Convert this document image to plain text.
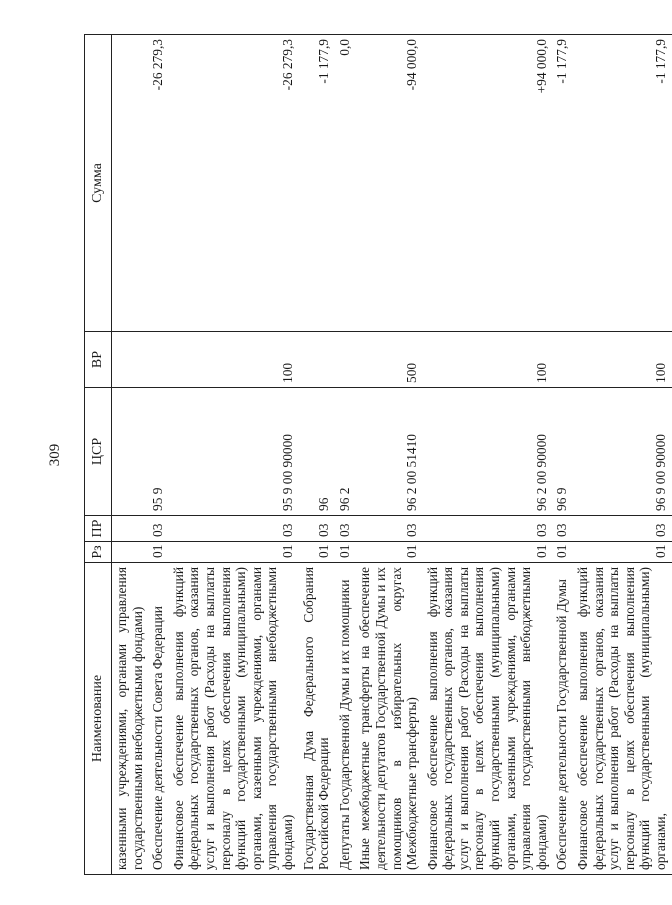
309
Наименование	Рз	ПР	ЦСР	ВР	Сумма
казенными учреждениями, органами управления государственными внебюджетными фондами)					
Обеспечение деятельности Совета Федерации	01	03	95 9		-26 279,3
Финансовое обеспечение выполнения функций федеральных государственных органов, оказания услуг и выполнения работ (Расходы на выплаты персоналу в целях обеспечения выполнения функций государственными (муниципальными) органами, казенными учреждениями, органами управления государственными внебюджетными фондами)	01	03	95 9 00 90000	100	-26 279,3
Государственная Дума Федерального Собрания Российской Федерации	01	03	96		-1 177,9
Депутаты Государственной Думы и их помощники	01	03	96 2		0,0
Иные межбюджетные трансферты на обеспечение деятельности депутатов Государственной Думы и их помощников в избирательных округах (Межбюджетные трансферты)	01	03	96 2 00 51410	500	-94 000,0
Финансовое обеспечение выполнения функций федеральных государственных органов, оказания услуг и выполнения работ (Расходы на выплаты персоналу в целях обеспечения выполнения функций государственными (муниципальными) органами, казенными учреждениями, органами управления государственными внебюджетными фондами)	01	03	96 2 00 90000	100	+94 000,0
Обеспечение деятельности Государственной Думы	01	03	96 9		-1 177,9
Финансовое обеспечение выполнения функций федеральных государственных органов, оказания услуг и выполнения работ (Расходы на выплаты персоналу в целях обеспечения выполнения функций государственными (муниципальными) органами,	01	03	96 9 00 90000	100	-1 177,9
